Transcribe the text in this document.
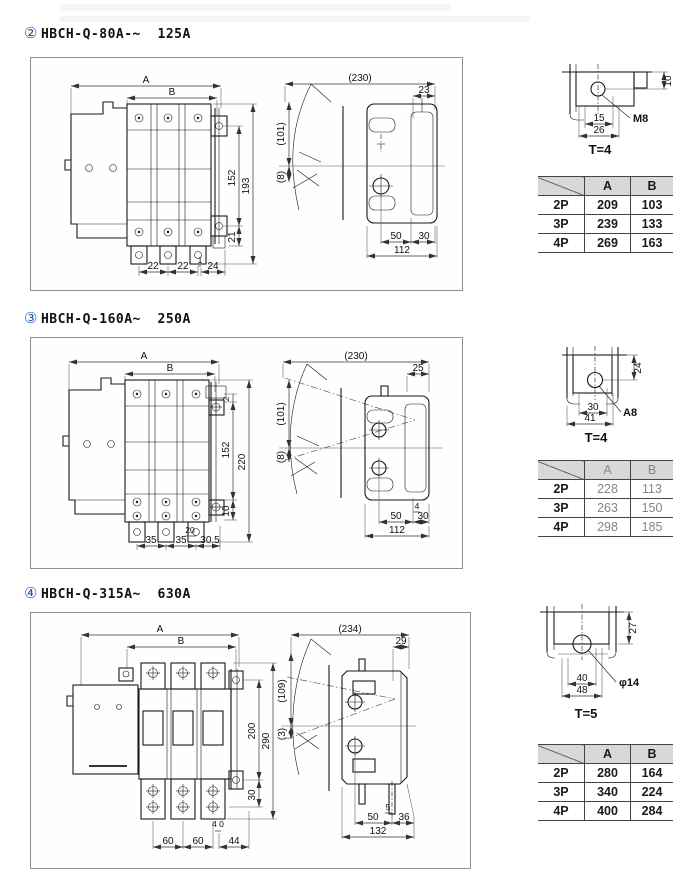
② HBCH-Q-80A-~  125A
A
B
152
21
193
1
22 22 24
(230)
23
(101)
(8)
50 30
112
10
15
26
M8
T=4
	A	B
2P	209	103
3P	239	133
4P	269	163
③ HBCH-Q-160A~  250A
A
B
2
152
10
220
20
35 35 30.5
(230)
25
(101)
(8)
4
50 30
112
24
30
41 A8
T=4
	A	B
2P	228	113
3P	263	150
4P	298	185
④ HBCH-Q-315A~  630A
A
B
200
30
290
4 0
60 60 44
(234)
29
(109)
(3)
5
50 36
132
27
40
48
φ14
T=5
	A	B
2P	280	164
3P	340	224
4P	400	284
